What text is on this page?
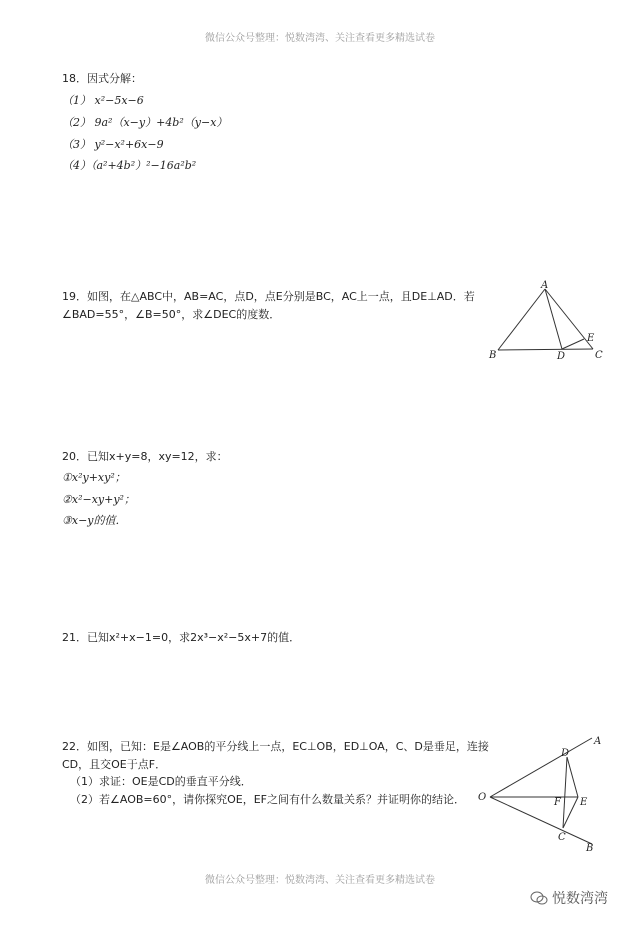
微信公众号整理：悦数湾湾、关注查看更多精选试卷
18．因式分解：
（1） x²−5x−6
（2） 9a²（x−y）+4b²（y−x）
（3） y²−x²+6x−9
（4）（a²+4b²）²−16a²b²
19．如图，在△ABC中，AB=AC，点D，点E分别是BC，AC上一点，且DE⊥AD．若
∠BAD=55°，∠B=50°，求∠DEC的度数．
A
B	C
D
E
20．已知x+y=8，xy=12，求：
①x²y+xy²；
②x²−xy+y²；
③x−y的值．
21．已知x²+x−1=0，求2x³−x²−5x+7的值．
22．如图，已知：E是∠AOB的平分线上一点，EC⊥OB，ED⊥OA，C、D是垂足，连接
CD，且交OE于点F．
（1）求证：OE是CD的垂直平分线．
（2）若∠AOB=60°，请你探究OE，EF之间有什么数量关系？并证明你的结论．
A
B
O
D
C
F E
微信公众号整理：悦数湾湾、关注查看更多精选试卷
悦数湾湾
